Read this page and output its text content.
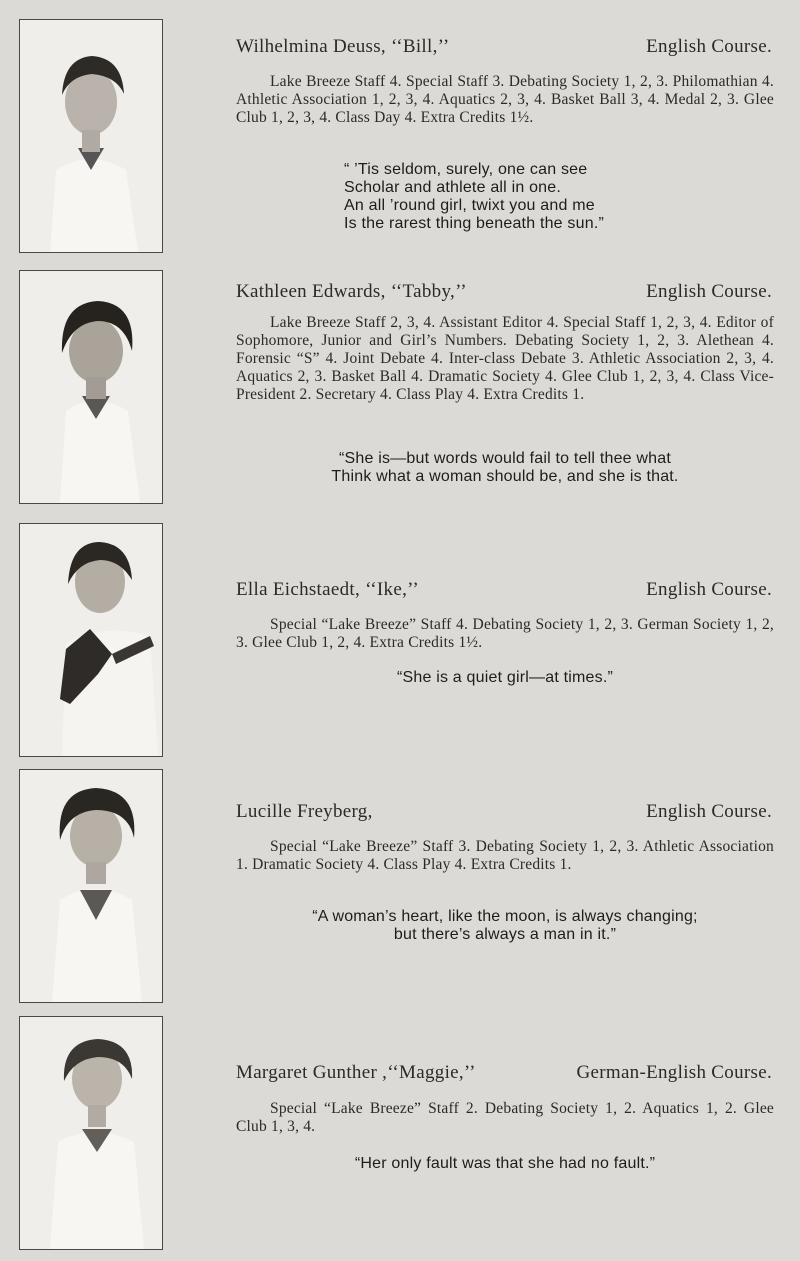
Wilhelmina Deuss, ‘‘Bill,’’	English Course.
Lake Breeze Staff 4. Special Staff 3. Debating Society 1, 2, 3. Philomathian 4. Athletic Association 1, 2, 3, 4. Aquatics 2, 3, 4. Basket Ball 3, 4. Medal 2, 3. Glee Club 1, 2, 3, 4. Class Day 4. Extra Credits 1½.
“ ’Tis seldom, surely, one can see
Scholar and athlete all in one.
An all ’round girl, twixt you and me
Is the rarest thing beneath the sun.”
Kathleen Edwards, ‘‘Tabby,’’	English Course.
Lake Breeze Staff 2, 3, 4. Assistant Editor 4. Special Staff 1, 2, 3, 4. Editor of Sophomore, Junior and Girl’s Numbers. Debating Society 1, 2, 3. Alethean 4. Forensic “S” 4. Joint Debate 4. Inter-class Debate 3. Athletic Association 2, 3, 4. Aquatics 2, 3. Basket Ball 4. Dramatic Society 4. Glee Club 1, 2, 3, 4. Class Vice-President 2. Secretary 4. Class Play 4. Extra Credits 1.
“She is—but words would fail to tell thee what
Think what a woman should be, and she is that.
Ella Eichstaedt, ‘‘Ike,’’	English Course.
Special “Lake Breeze” Staff 4. Debating Society 1, 2, 3. German Society 1, 2, 3. Glee Club 1, 2, 4. Extra Credits 1½.
“She is a quiet girl—at times.”
Lucille Freyberg,	English Course.
Special “Lake Breeze” Staff 3. Debating Society 1, 2, 3. Athletic Association 1. Dramatic Society 4. Class Play 4. Extra Credits 1.
“A woman’s heart, like the moon, is always changing;
but there’s always a man in it.”
Margaret Gunther ,‘‘Maggie,’’	German-English Course.
Special “Lake Breeze” Staff 2. Debating Society 1, 2. Aquatics 1, 2. Glee Club 1, 3, 4.
“Her only fault was that she had no fault.”
